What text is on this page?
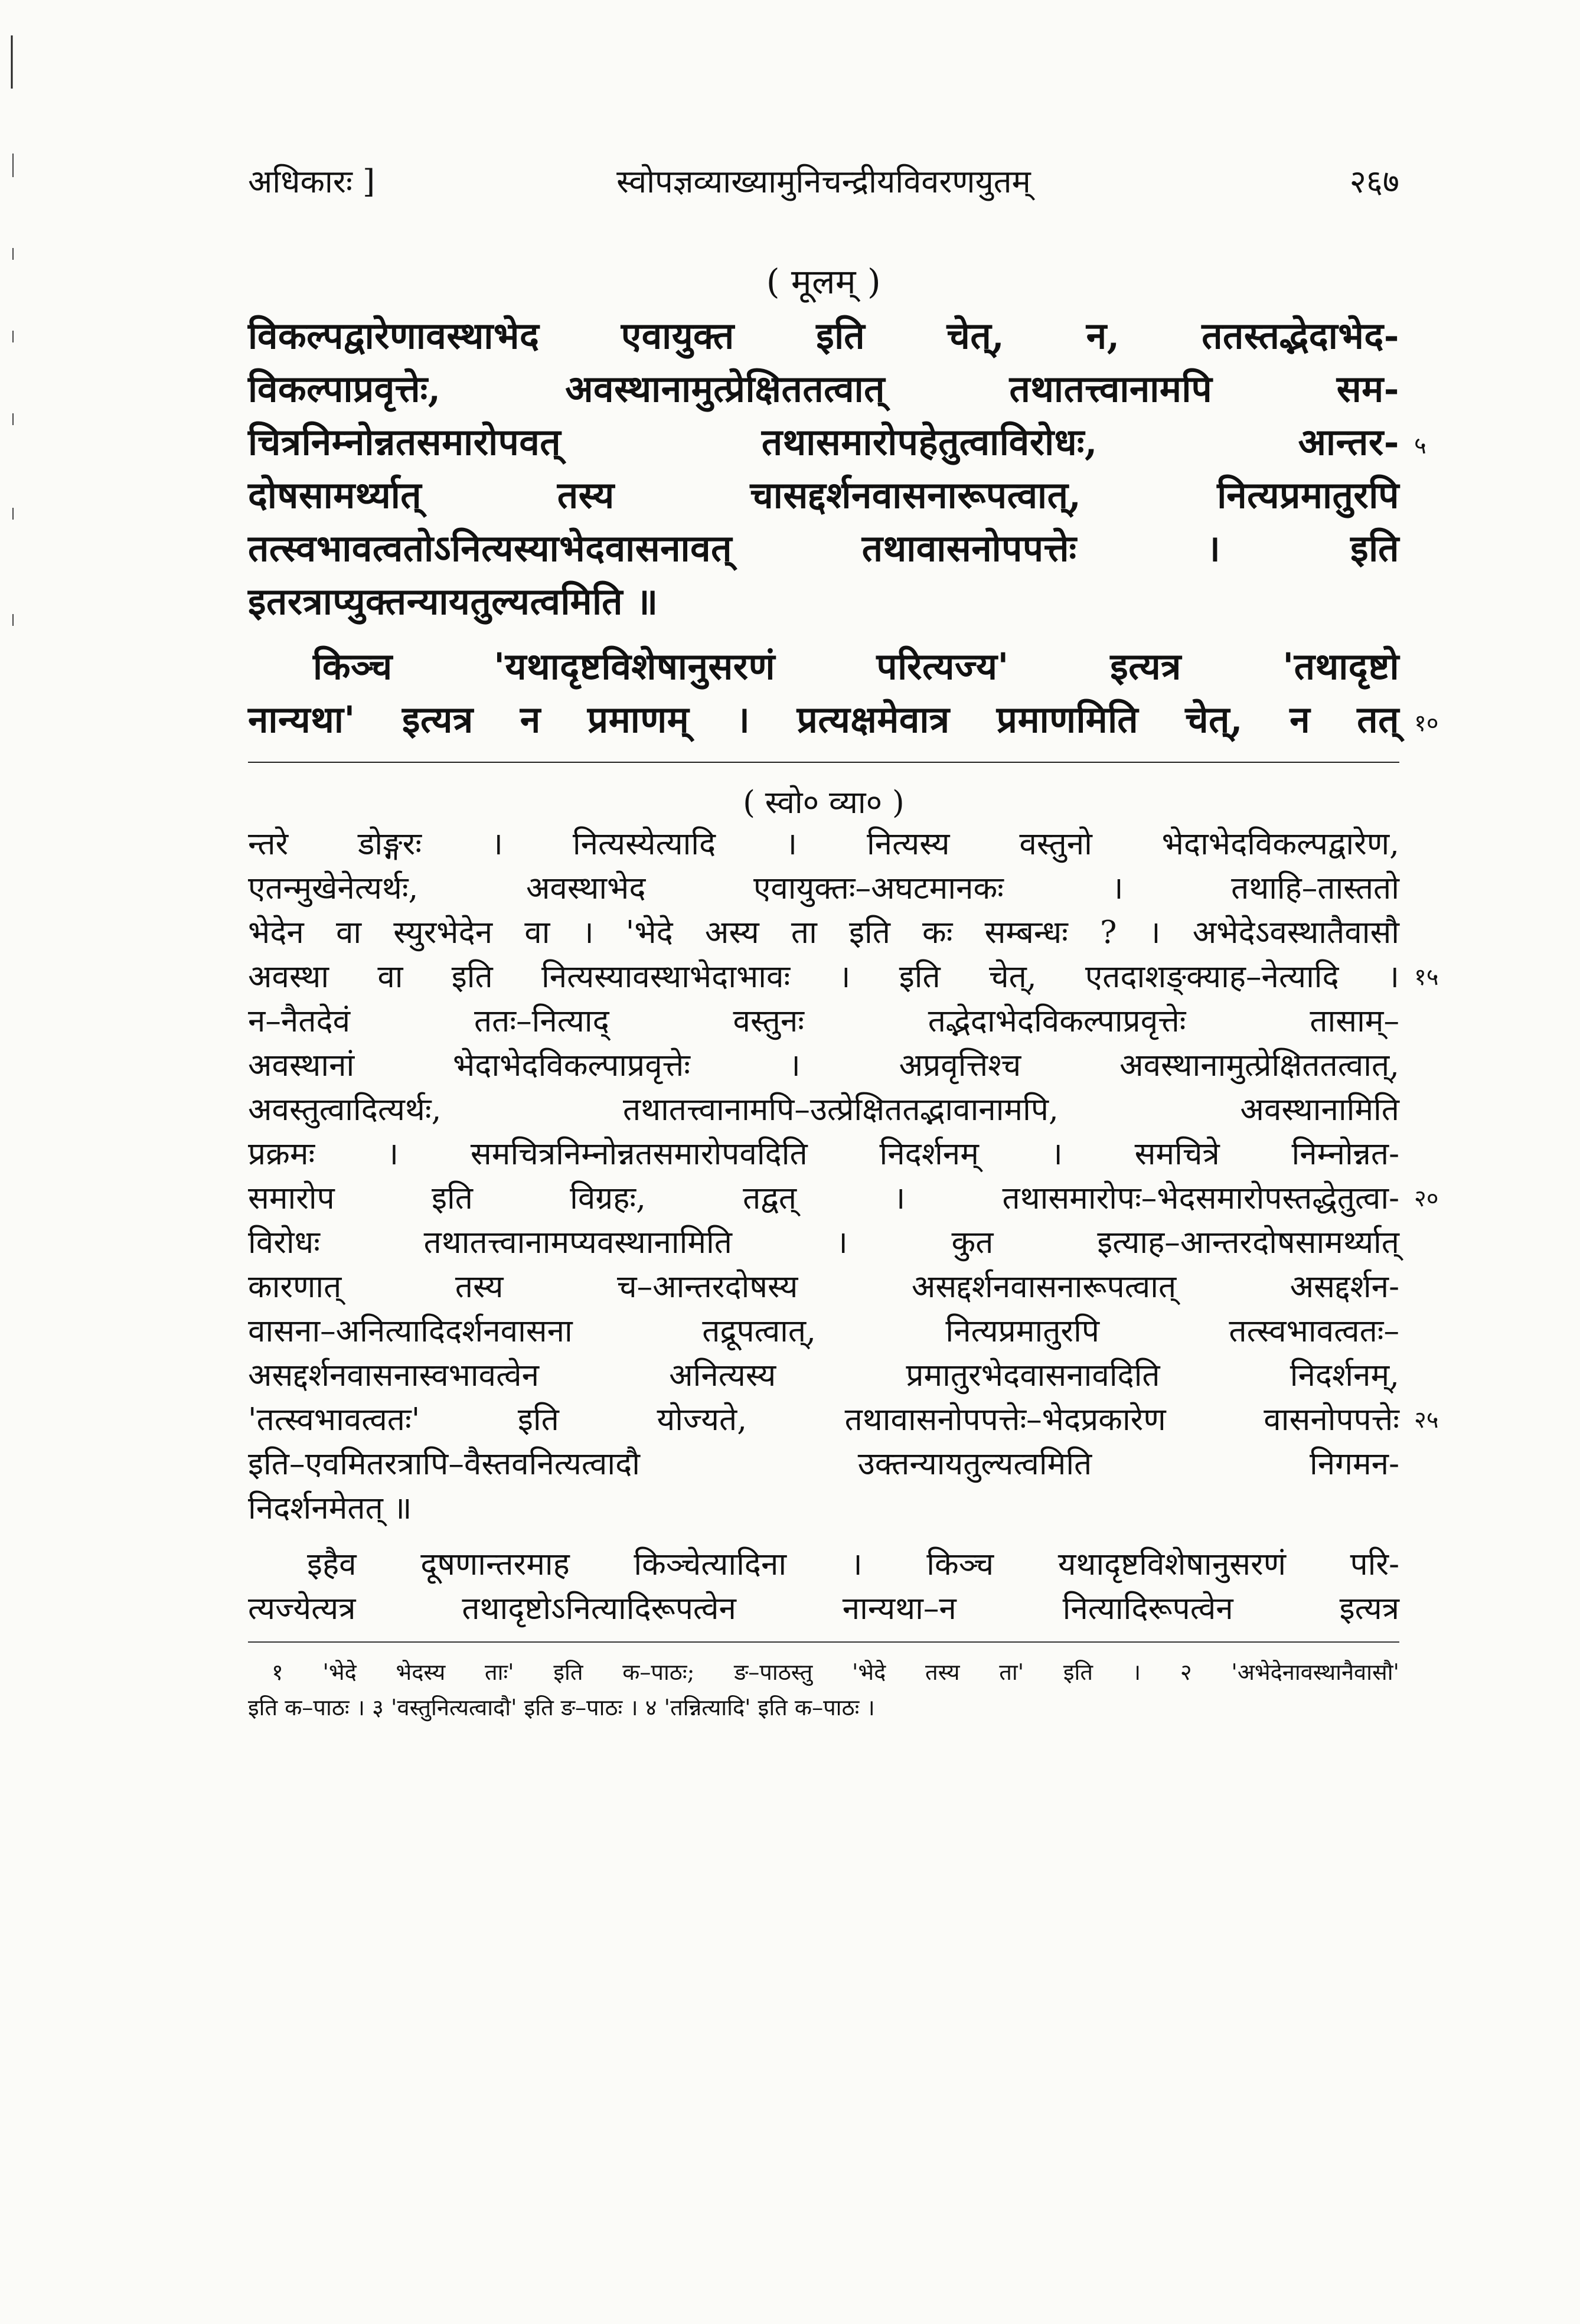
अधिकारः ]	स्वोपज्ञव्याख्यामुनिचन्द्रीयविवरणयुतम्	२६७
( मूलम् )
विकल्पद्वारेणावस्थाभेद एवायुक्त इति चेत्, न, ततस्तद्भेदाभेद-
विकल्पाप्रवृत्तेः, अवस्थानामुत्प्रेक्षिततत्वात् तथातत्त्वानामपि सम-
चित्रनिम्नोन्नतसमारोपवत् तथासमारोपहेतुत्वाविरोधः, आन्तर- ५
दोषसामर्थ्यात् तस्य चासद्दर्शनवासनारूपत्वात्, नित्यप्रमातुरपि
तत्स्वभावत्वतोऽनित्यस्याभेदवासनावत् तथावासनोपपत्तेः । इति
इतरत्राप्युक्तन्यायतुल्यत्वमिति ॥
किञ्च 'यथादृष्टविशेषानुसरणं परित्यज्य' इत्यत्र 'तथादृष्टो
नान्यथा' इत्यत्र न प्रमाणम् । प्रत्यक्षमेवात्र प्रमाणमिति चेत्, न तत् १०
( स्वो० व्या० )
न्तरे डोङ्गरः । नित्यस्येत्यादि । नित्यस्य वस्तुनो भेदाभेदविकल्पद्वारेण,
एतन्मुखेनेत्यर्थः, अवस्थाभेद एवायुक्तः–अघटमानकः । तथाहि–तास्ततो
भेदेन वा स्युरभेदेन वा । 'भेदे अस्य ता इति कः सम्बन्धः ? । अभेदेऽवस्थातैवासौ
अवस्था वा इति नित्यस्यावस्थाभेदाभावः । इति चेत्, एतदाशङ्क्याह–नेत्यादि । १५
न–नैतदेवं ततः–नित्याद् वस्तुनः तद्भेदाभेदविकल्पाप्रवृत्तेः तासाम्–
अवस्थानां भेदाभेदविकल्पाप्रवृत्तेः । अप्रवृत्तिश्च अवस्थानामुत्प्रेक्षिततत्वात्,
अवस्तुत्वादित्यर्थः, तथातत्त्वानामपि–उत्प्रेक्षिततद्भावानामपि, अवस्थानामिति
प्रक्रमः । समचित्रनिम्नोन्नतसमारोपवदिति निदर्शनम् । समचित्रे निम्नोन्नत-
समारोप इति विग्रहः, तद्वत् । तथासमारोपः–भेदसमारोपस्तद्धेतुत्वा- २०
विरोधः तथातत्त्वानामप्यवस्थानामिति । कुत इत्याह–आन्तरदोषसामर्थ्यात्
कारणात् तस्य च–आन्तरदोषस्य असद्दर्शनवासनारूपत्वात् असद्दर्शन-
वासना–अनित्यादिदर्शनवासना तद्रूपत्वात्, नित्यप्रमातुरपि तत्स्वभावत्वतः–
असद्दर्शनवासनास्वभावत्वेन अनित्यस्य प्रमातुरभेदवासनावदिति निदर्शनम्,
'तत्स्वभावत्वतः' इति योज्यते, तथावासनोपपत्तेः–भेदप्रकारेण वासनोपपत्तेः २५
इति–एवमितरत्रापि–वैस्तवनित्यत्वादौ उक्तन्यायतुल्यत्वमिति निगमन-
निदर्शनमेतत् ॥
इहैव दूषणान्तरमाह किञ्चेत्यादिना । किञ्च यथादृष्टविशेषानुसरणं परि-
त्यज्येत्यत्र तथादृष्टोऽनित्यादिरूपत्वेन नान्यथा–न नित्यादिरूपत्वेन इत्यत्र
१ 'भेदे भेदस्य ताः' इति क–पाठः; ङ–पाठस्तु 'भेदे तस्य ता' इति । २ 'अभेदेनावस्थानैवासौ'
इति क–पाठः । ३ 'वस्तुनित्यत्वादौ' इति ङ–पाठः । ४ 'तन्नित्यादि' इति क–पाठः ।
